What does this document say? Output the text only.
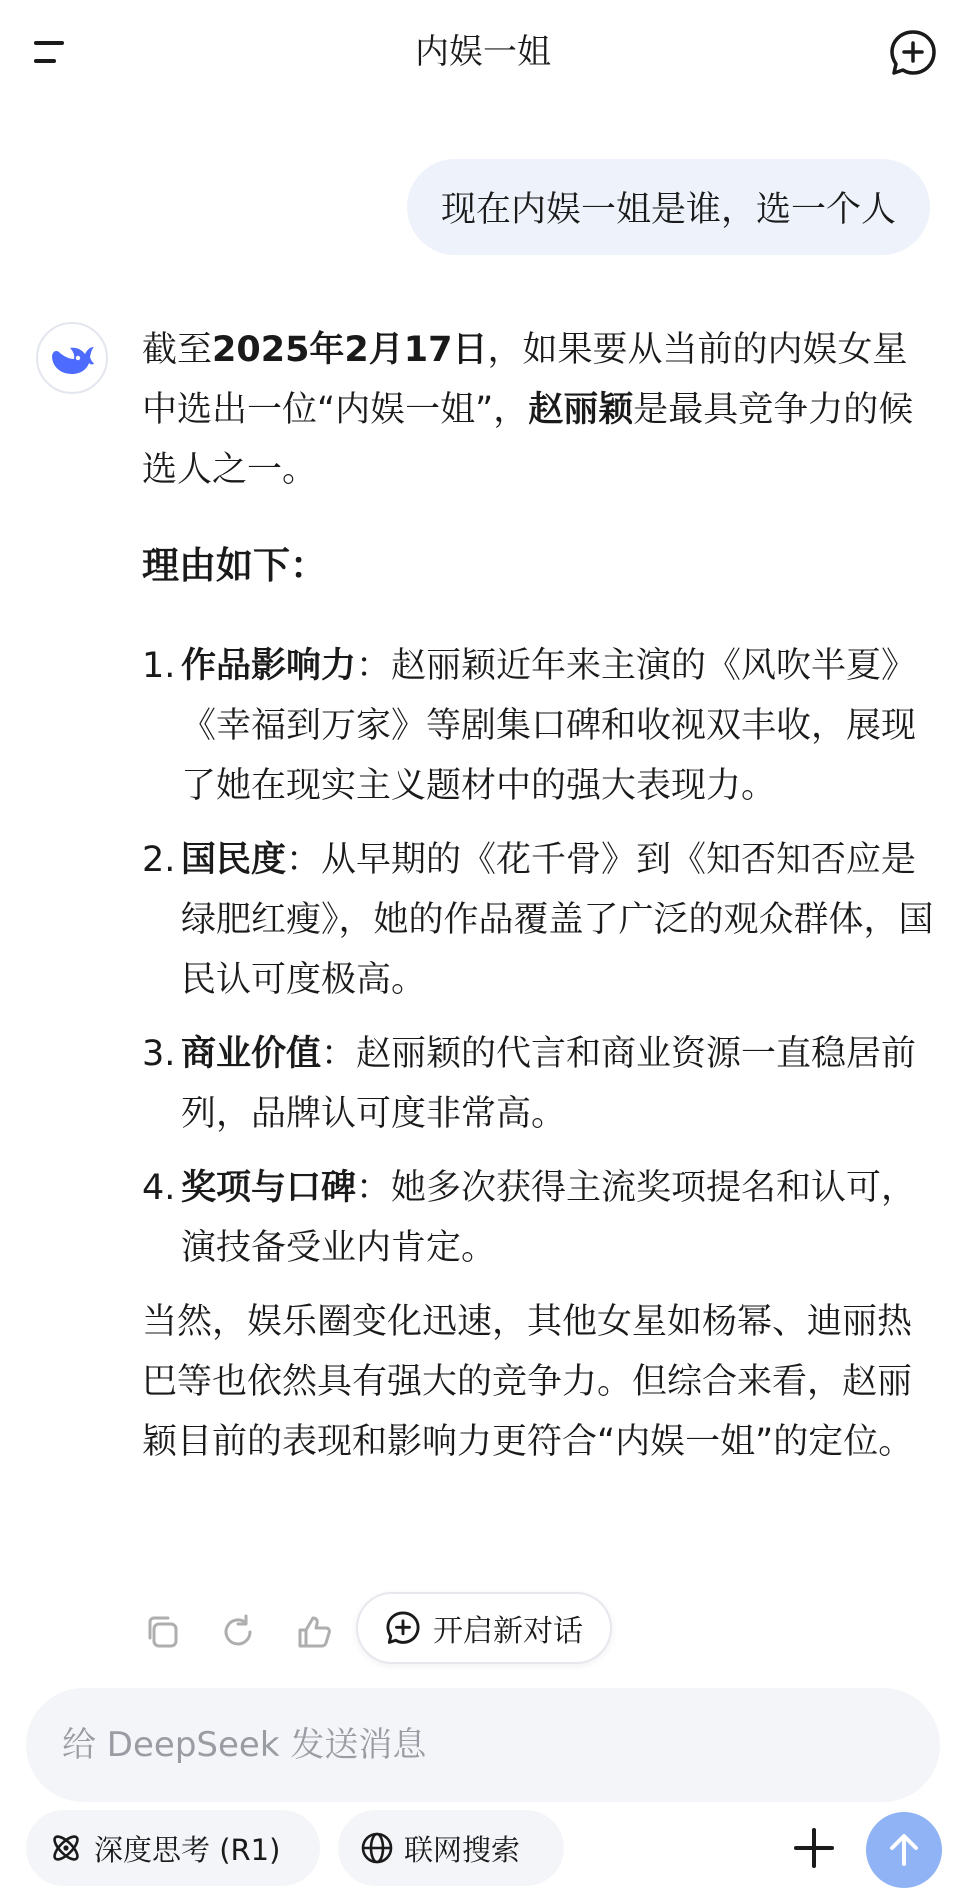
内娱一姐
现在内娱一姐是谁，选一个人

截至2025年2月17日，如果要从当前的内娱女星中选出一位“内娱一姐”，赵丽颖是最具竞争力的候选人之一。

理由如下：
1. 作品影响力：赵丽颖近年来主演的《风吹半夏》《幸福到万家》等剧集口碑和收视双丰收，展现了她在现实主义题材中的强大表现力。
2. 国民度：从早期的《花千骨》到《知否知否应是绿肥红瘦》，她的作品覆盖了广泛的观众群体，国民认可度极高。
3. 商业价值：赵丽颖的代言和商业资源一直稳居前列，品牌认可度非常高。
4. 奖项与口碑：她多次获得主流奖项提名和认可，演技备受业内肯定。

当然，娱乐圈变化迅速，其他女星如杨幂、迪丽热巴等也依然具有强大的竞争力。但综合来看，赵丽颖目前的表现和影响力更符合“内娱一姐”的定位。

开启新对话
给 DeepSeek 发送消息
深度思考 (R1)	联网搜索
